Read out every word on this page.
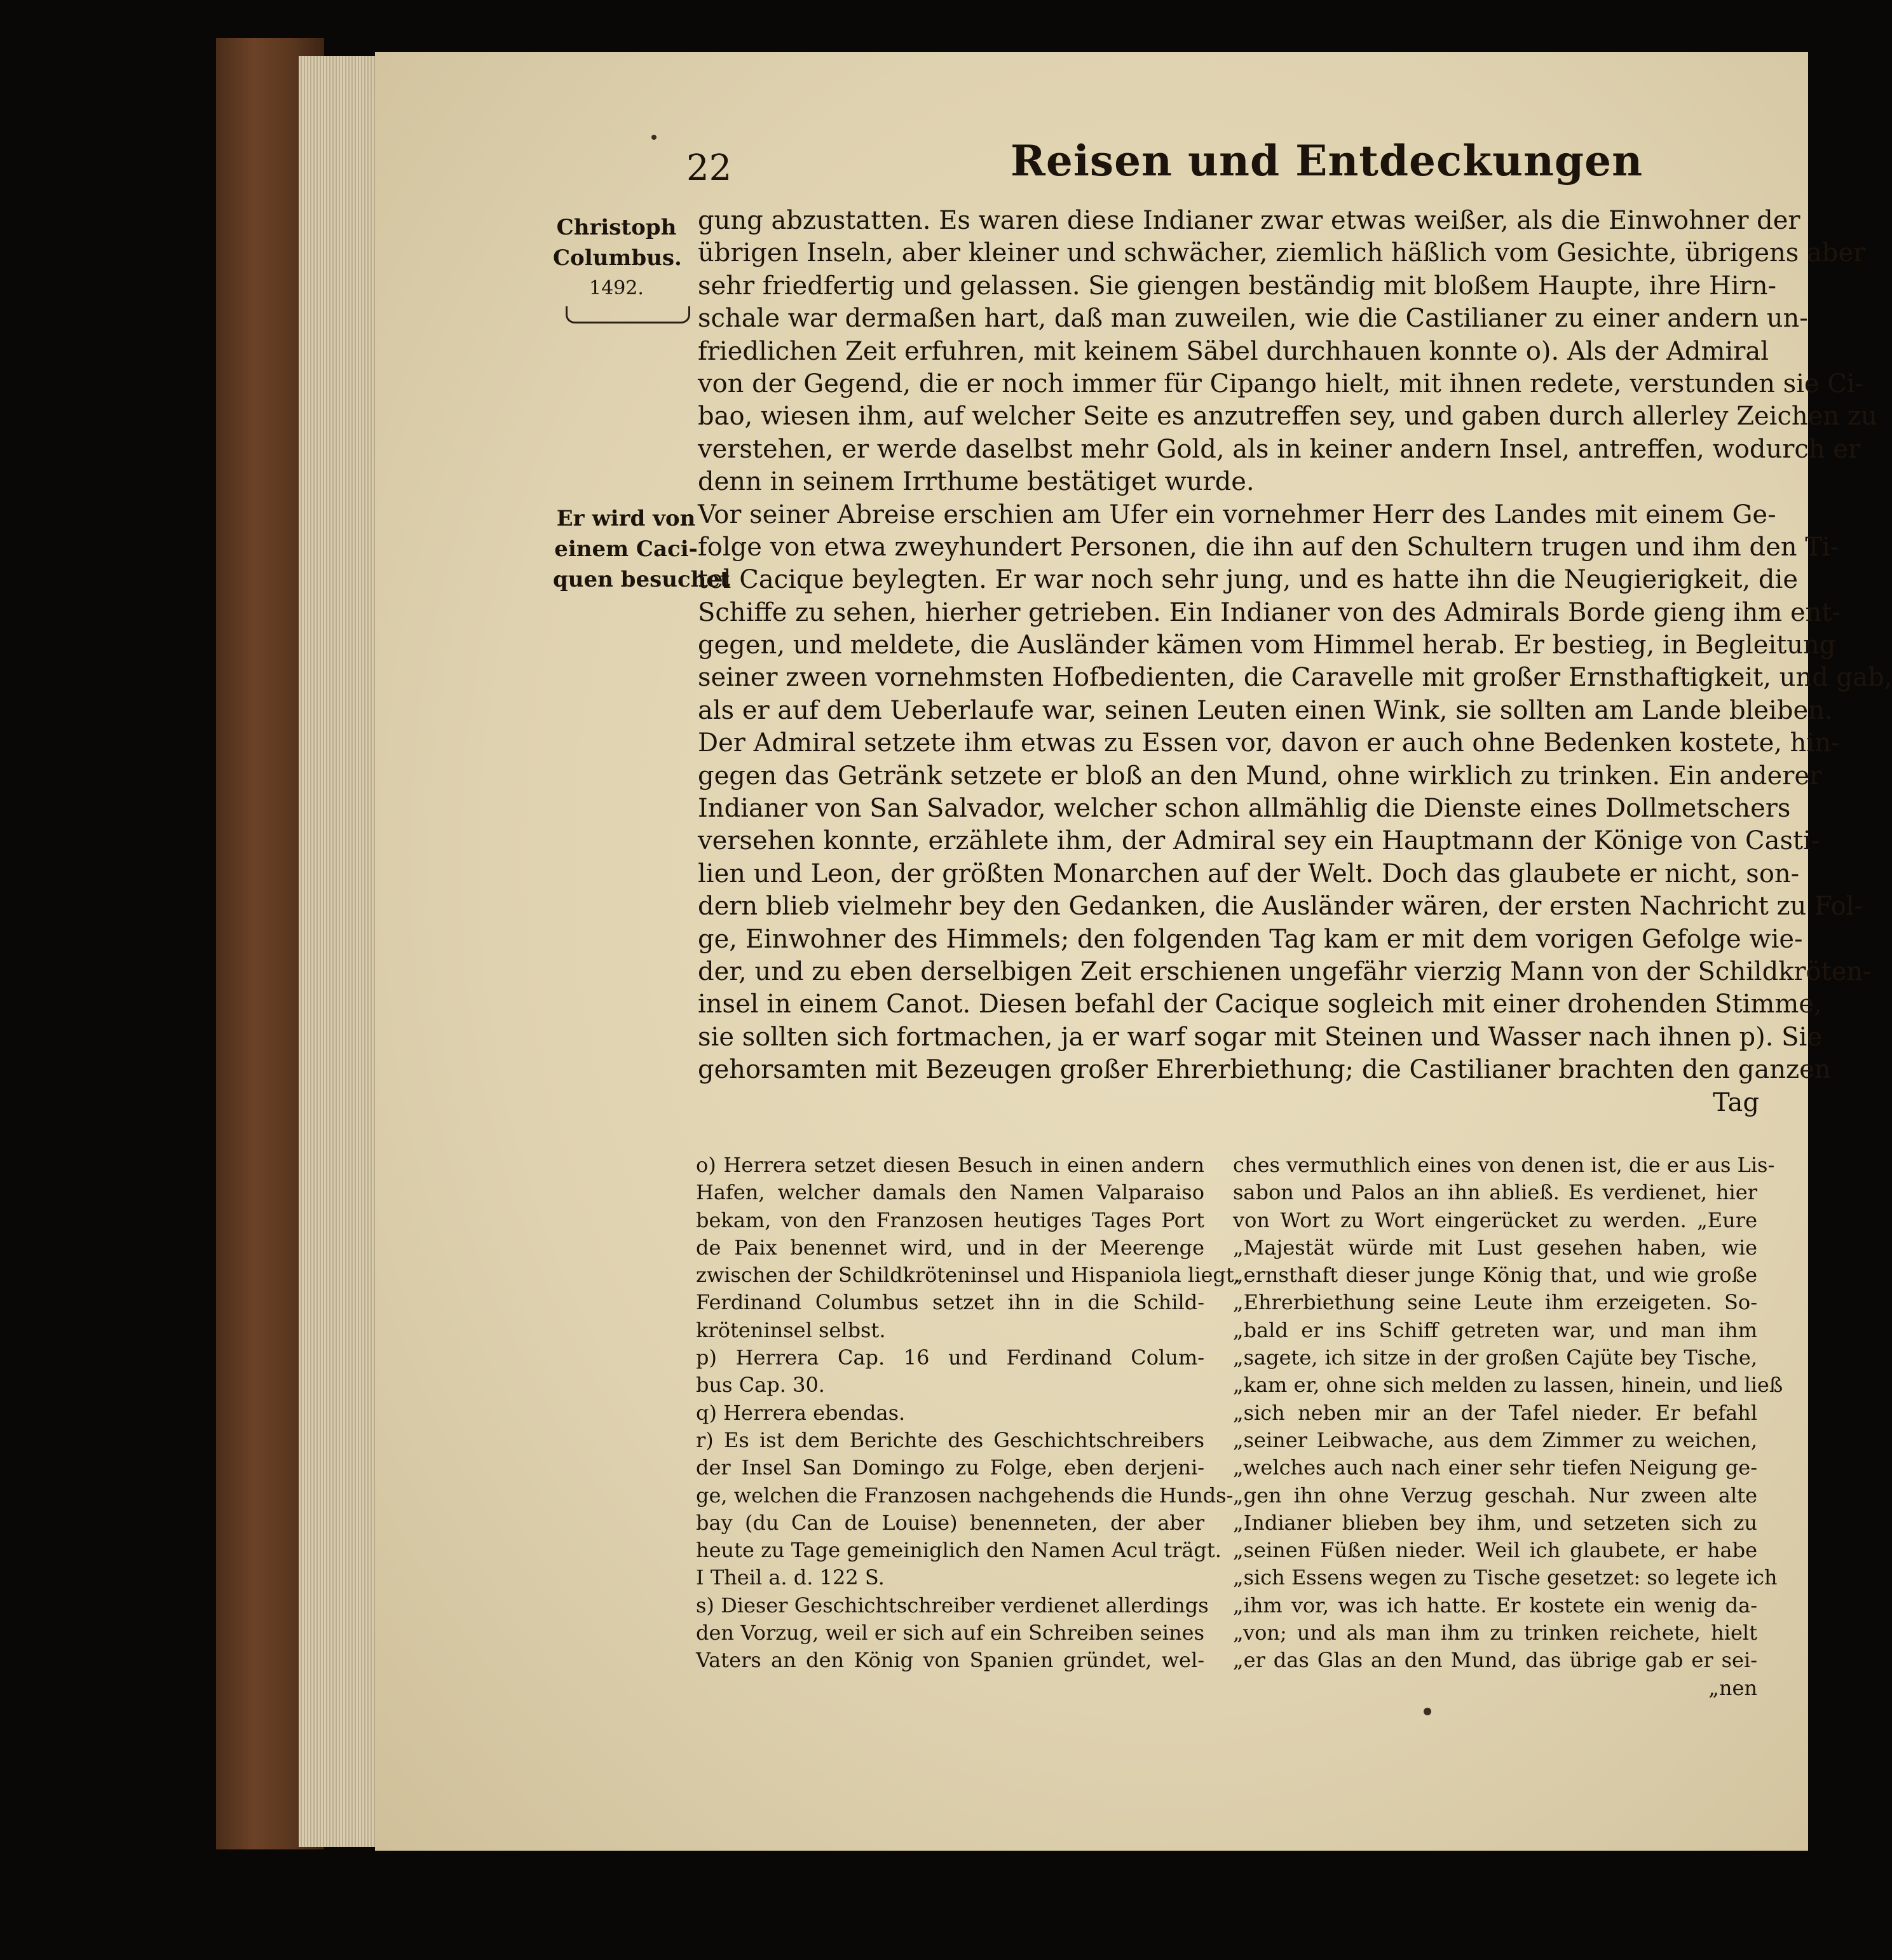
22	Reisen und Entdeckungen
Christoph
Columbus.
1492.
Er wird von
einem Caci-
quen besuchet
gung abzustatten. Es waren diese Indianer zwar etwas weißer, als die Einwohner der
übrigen Inseln, aber kleiner und schwächer, ziemlich häßlich vom Gesichte, übrigens aber
sehr friedfertig und gelassen. Sie giengen beständig mit bloßem Haupte, ihre Hirn-
schale war dermaßen hart, daß man zuweilen, wie die Castilianer zu einer andern un-
friedlichen Zeit erfuhren, mit keinem Säbel durchhauen konnte o). Als der Admiral
von der Gegend, die er noch immer für Cipango hielt, mit ihnen redete, verstunden sie Ci-
bao, wiesen ihm, auf welcher Seite es anzutreffen sey, und gaben durch allerley Zeichen zu
verstehen, er werde daselbst mehr Gold, als in keiner andern Insel, antreffen, wodurch er
denn in seinem Irrthume bestätiget wurde.
Vor seiner Abreise erschien am Ufer ein vornehmer Herr des Landes mit einem Ge-
folge von etwa zweyhundert Personen, die ihn auf den Schultern trugen und ihm den Ti-
tel Cacique beylegten. Er war noch sehr jung, und es hatte ihn die Neugierigkeit, die
Schiffe zu sehen, hierher getrieben. Ein Indianer von des Admirals Borde gieng ihm ent-
gegen, und meldete, die Ausländer kämen vom Himmel herab. Er bestieg, in Begleitung
seiner zween vornehmsten Hofbedienten, die Caravelle mit großer Ernsthaftigkeit, und gab,
als er auf dem Ueberlaufe war, seinen Leuten einen Wink, sie sollten am Lande bleiben.
Der Admiral setzete ihm etwas zu Essen vor, davon er auch ohne Bedenken kostete, hin-
gegen das Getränk setzete er bloß an den Mund, ohne wirklich zu trinken. Ein anderer
Indianer von San Salvador, welcher schon allmählig die Dienste eines Dollmetschers
versehen konnte, erzählete ihm, der Admiral sey ein Hauptmann der Könige von Casti-
lien und Leon, der größten Monarchen auf der Welt. Doch das glaubete er nicht, son-
dern blieb vielmehr bey den Gedanken, die Ausländer wären, der ersten Nachricht zu Fol-
ge, Einwohner des Himmels; den folgenden Tag kam er mit dem vorigen Gefolge wie-
der, und zu eben derselbigen Zeit erschienen ungefähr vierzig Mann von der Schildkröten-
insel in einem Canot. Diesen befahl der Cacique sogleich mit einer drohenden Stimme,
sie sollten sich fortmachen, ja er warf sogar mit Steinen und Wasser nach ihnen p). Sie
gehorsamten mit Bezeugen großer Ehrerbiethung; die Castilianer brachten den ganzen
Tag
o) Herrera setzet diesen Besuch in einen andern
Hafen, welcher damals den Namen Valparaiso
bekam, von den Franzosen heutiges Tages Port
de Paix benennet wird, und in der Meerenge
zwischen der Schildkröteninsel und Hispaniola liegt.
Ferdinand Columbus setzet ihn in die Schild-
kröteninsel selbst.
p) Herrera Cap. 16 und Ferdinand Colum-
bus Cap. 30.
q) Herrera ebendas.
r) Es ist dem Berichte des Geschichtschreibers
der Insel San Domingo zu Folge, eben derjeni-
ge, welchen die Franzosen nachgehends die Hunds-
bay (du Can de Louise) benenneten, der aber
heute zu Tage gemeiniglich den Namen Acul trägt.
I Theil a. d. 122 S.
s) Dieser Geschichtschreiber verdienet allerdings
den Vorzug, weil er sich auf ein Schreiben seines
Vaters an den König von Spanien gründet, wel-
ches vermuthlich eines von denen ist, die er aus Lis-
sabon und Palos an ihn abließ. Es verdienet, hier
von Wort zu Wort eingerücket zu werden. „Eure
„Majestät würde mit Lust gesehen haben, wie
„ernsthaft dieser junge König that, und wie große
„Ehrerbiethung seine Leute ihm erzeigeten. So-
„bald er ins Schiff getreten war, und man ihm
„sagete, ich sitze in der großen Cajüte bey Tische,
„kam er, ohne sich melden zu lassen, hinein, und ließ
„sich neben mir an der Tafel nieder. Er befahl
„seiner Leibwache, aus dem Zimmer zu weichen,
„welches auch nach einer sehr tiefen Neigung ge-
„gen ihn ohne Verzug geschah. Nur zween alte
„Indianer blieben bey ihm, und setzeten sich zu
„seinen Füßen nieder. Weil ich glaubete, er habe
„sich Essens wegen zu Tische gesetzet: so legete ich
„ihm vor, was ich hatte. Er kostete ein wenig da-
„von; und als man ihm zu trinken reichete, hielt
„er das Glas an den Mund, das übrige gab er sei-
„nen
